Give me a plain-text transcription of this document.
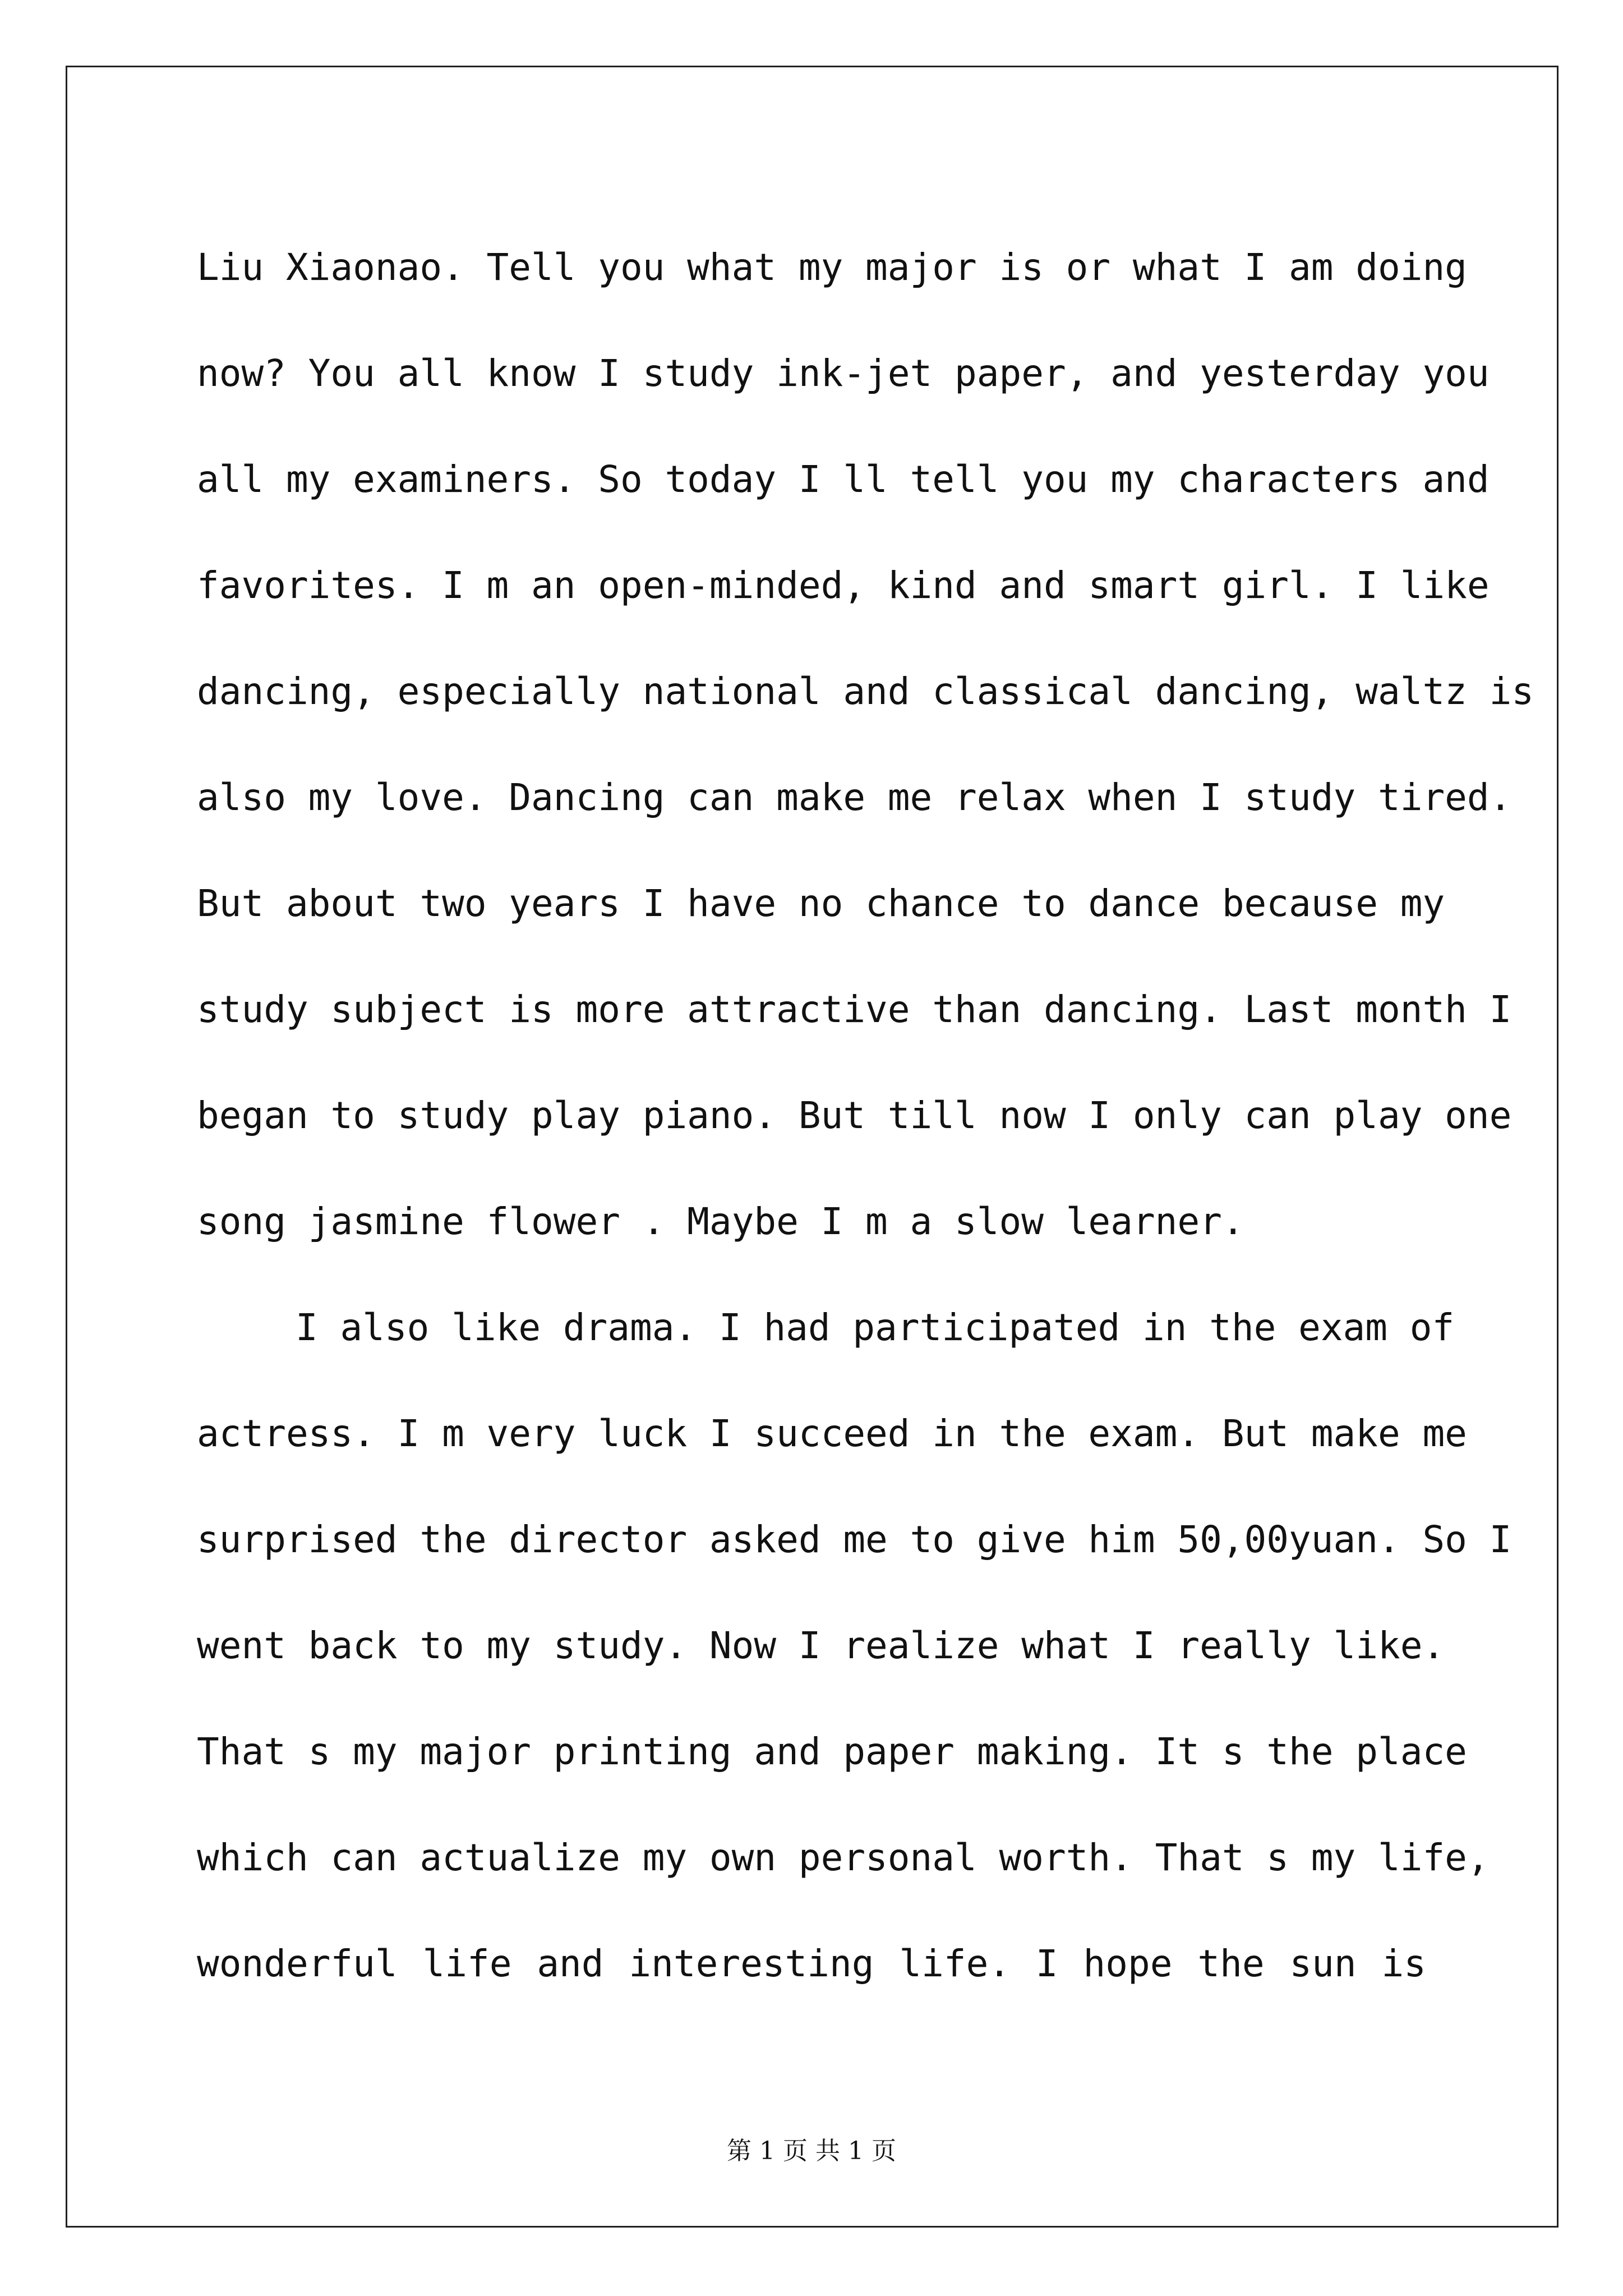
Liu Xiaonao. Tell you what my major is or what I am doing
now? You all know I study ink-jet paper, and yesterday you
all my examiners. So today I ll tell you my characters and
favorites. I m an open-minded, kind and smart girl. I like
dancing, especially national and classical dancing, waltz is
also my love. Dancing can make me relax when I study tired.
But about two years I have no chance to dance because my
study subject is more attractive than dancing. Last month I
began to study play piano. But till now I only can play one
song jasmine flower . Maybe I m a slow learner.
I also like drama. I had participated in the exam of
actress. I m very luck I succeed in the exam. But make me
surprised the director asked me to give him 50,00yuan. So I
went back to my study. Now I realize what I really like.
That s my major printing and paper making. It s the place
which can actualize my own personal worth. That s my life,
wonderful life and interesting life. I hope the sun is
第 1 页 共 1 页
